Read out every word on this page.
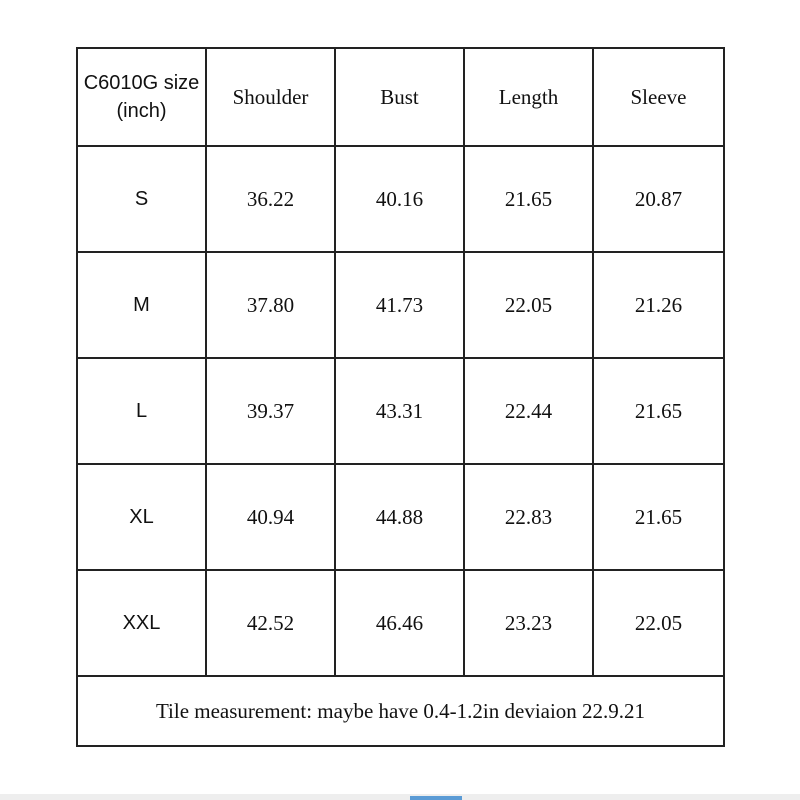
C6010G size
(inch)	Shoulder	Bust	Length	Sleeve
S	36.22	40.16	21.65	20.87
M	37.80	41.73	22.05	21.26
L	39.37	43.31	22.44	21.65
XL	40.94	44.88	22.83	21.65
XXL	42.52	46.46	23.23	22.05
Tile measurement: maybe have 0.4-1.2in deviaion 22.9.21				
